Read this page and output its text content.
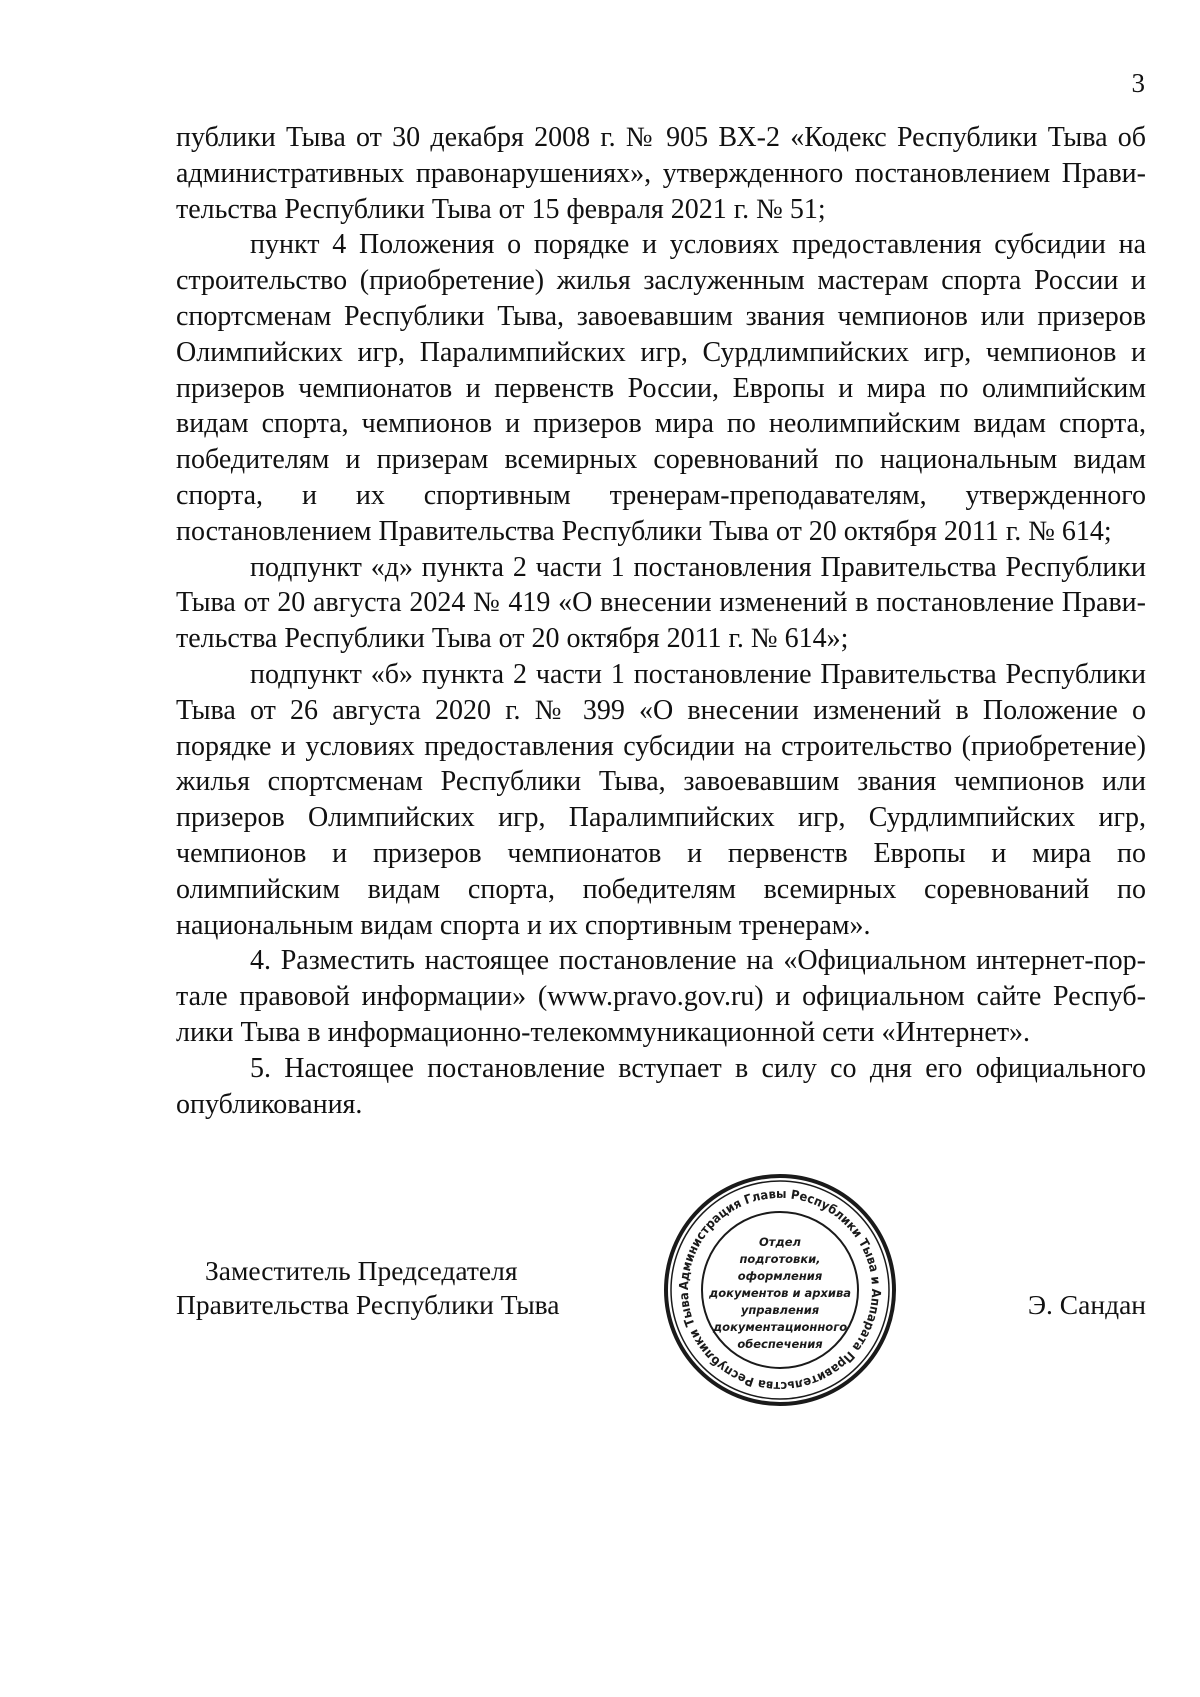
3

публики Тыва от 30 декабря 2008 г. № 905 ВХ-2 «Кодекс Республики Тыва об административных правонарушениях», утвержденного постановлением Правительства Республики Тыва от 15 февраля 2021 г. № 51;

пункт 4 Положения о порядке и условиях предоставления субсидии на строительство (приобретение) жилья заслуженным мастерам спорта России и спортсменам Республики Тыва, завоевавшим звания чемпионов или призеров Олимпийских игр, Паралимпийских игр, Сурдлимпийских игр, чемпионов и призеров чемпионатов и первенств России, Европы и мира по олимпийским видам спорта, чемпионов и призеров мира по неолимпийским видам спорта, победителям и призерам всемирных соревнований по национальным видам спорта, и их спортивным тренерам-преподавателям, утвержденного постановлением Правительства Республики Тыва от 20 октября 2011 г. № 614;

подпункт «д» пункта 2 части 1 постановления Правительства Республики Тыва от 20 августа 2024 № 419 «О внесении изменений в постановление Правительства Республики Тыва от 20 октября 2011 г. № 614»;

подпункт «б» пункта 2 части 1 постановление Правительства Республики Тыва от 26 августа 2020 г. № 399 «О внесении изменений в Положение о порядке и условиях предоставления субсидии на строительство (приобретение) жилья спортсменам Республики Тыва, завоевавшим звания чемпионов или призеров Олимпийских игр, Паралимпийских игр, Сурдлимпийских игр, чемпионов и призеров чемпионатов и первенств Европы и мира по олимпийским видам спорта, победителям всемирных соревнований по национальным видам спорта и их спортивным тренерам».

4. Разместить настоящее постановление на «Официальном интернет-портале правовой информации» (www.pravo.gov.ru) и официальном сайте Республики Тыва в информационно-телекоммуникационной сети «Интернет».

5. Настоящее постановление вступает в силу со дня его официального опубликования.

Заместитель Председателя
Правительства Республики Тыва	Э. Сандан
Администрация Главы Республики Тыва и Аппарата Правительства Республики Тыва
Отдел
подготовки,
оформления
документов и архива
управления
документационного
обеспечения
